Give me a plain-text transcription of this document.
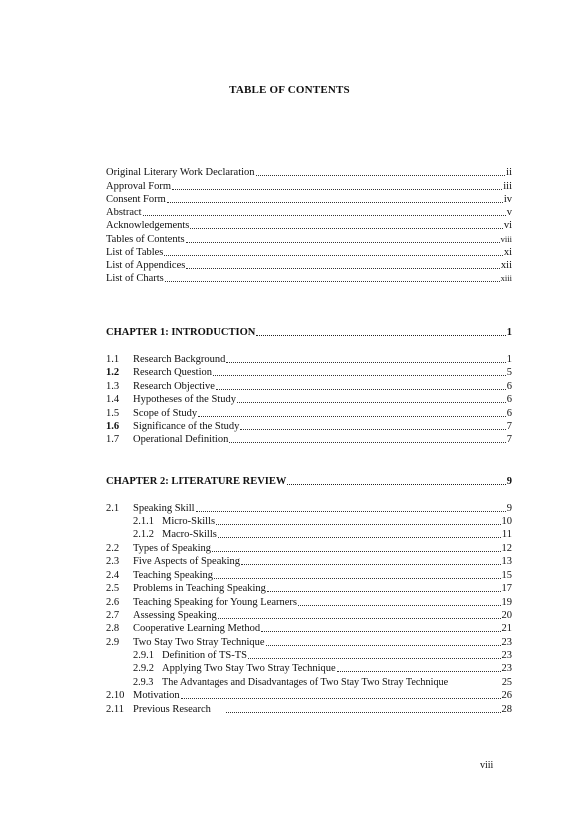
TABLE OF CONTENTS
Original Literary Work Declaration	ii
Approval Form	iii
Consent Form	iv
Abstract	v
Acknowledgements	vi
Tables of Contents	viii
List of Tables	xi
List of Appendices	xii
List of Charts	xiii
CHAPTER 1: INTRODUCTION	1
1.1	Research Background	1
1.2	Research Question	5
1.3	Research Objective	6
1.4	Hypotheses of the Study	6
1.5	Scope of Study	6
1.6	Significance of the Study	7
1.7	Operational Definition	7
CHAPTER 2: LITERATURE REVIEW	9
2.1	Speaking Skill	9
2.1.1 Micro-Skills	10
2.1.2 Macro-Skills	11
2.2	Types of Speaking	12
2.3	Five Aspects of Speaking	13
2.4	Teaching Speaking	15
2.5	Problems in Teaching Speaking	17
2.6	Teaching Speaking for Young Learners	19
2.7	Assessing Speaking	20
2.8	Cooperative Learning Method	21
2.9	Two Stay Two Stray Technique	23
2.9.1 Definition of TS-TS	23
2.9.2 Applying Two Stay Two Stray Technique	23
2.9.3 The Advantages and Disadvantages of Two Stay Two Stray Technique	25
2.10 Motivation	26
2.11 Previous Research	28
viii
